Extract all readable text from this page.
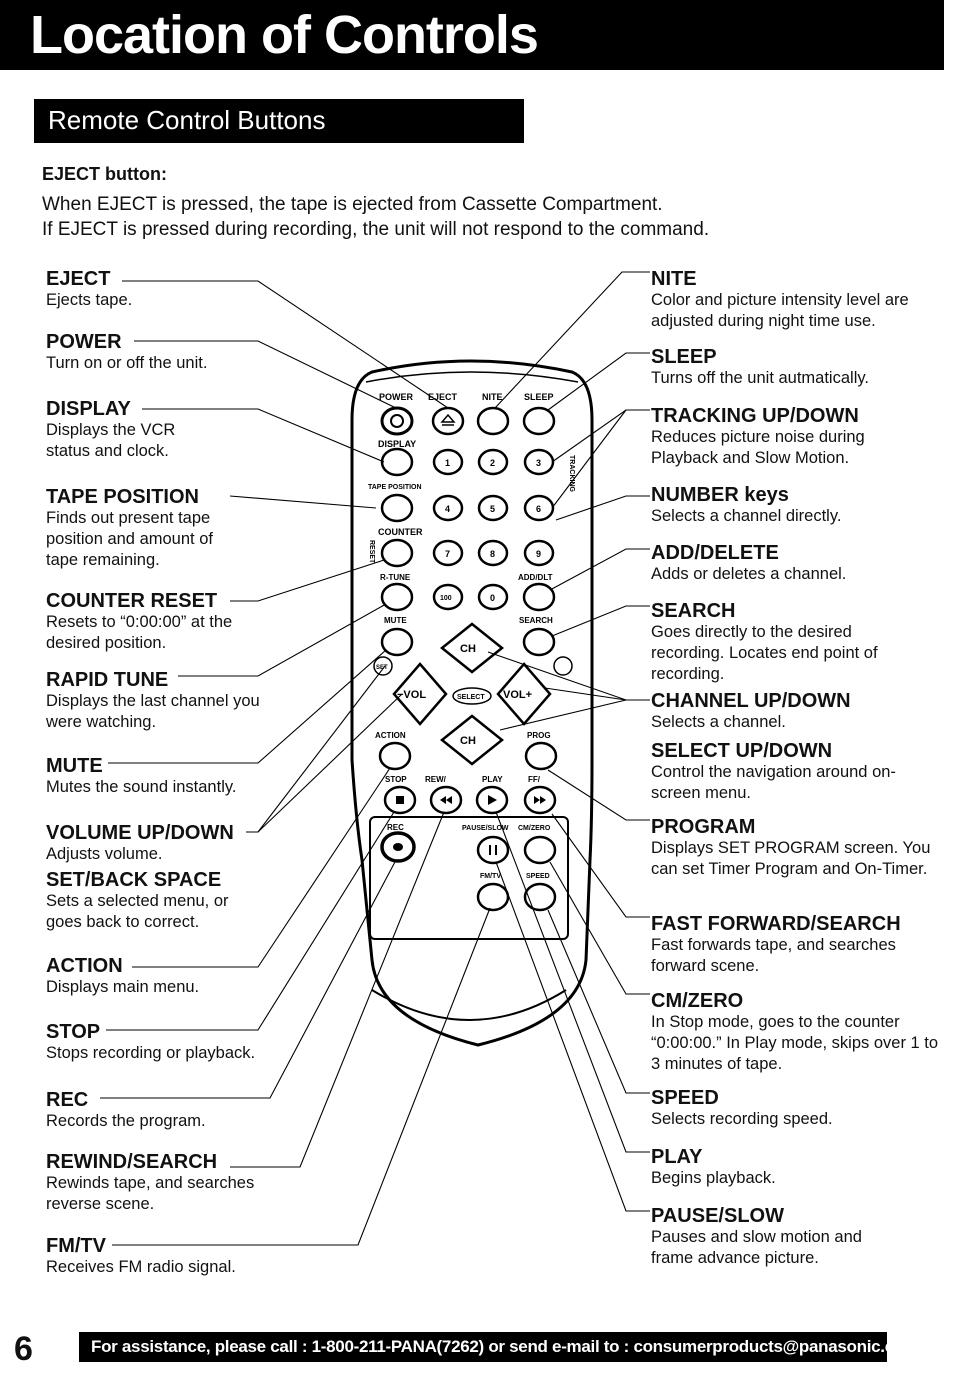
Location of Controls
Remote Control Buttons
EJECT button:
When EJECT is pressed, the tape is ejected from Cassette Compartment.
If EJECT is pressed during recording, the unit will not respond to the command.
POWER EJECT	NITE SLEEP
DISPLAY
1	2	3
TAPE POSITION
4	5	6
TRACKING
COUNTER
RESET	7	8	9
R-TUNE	ADD/DLT
100	0
MUTE	SEARCH
CH
−VOL	SELECT VOL+
CH
SET
ACTION	PROG
STOP REW/	PLAY	FF/
REC	PAUSE/SLOW CM/ZERO
FM/TV	SPEED
EJECT
Ejects tape.
POWER
Turn on or off the unit.
DISPLAY
Displays the VCR status and clock.
TAPE POSITION
Finds out present tape position and amount of tape remaining.
COUNTER RESET
Resets to “0:00:00” at the desired position.
RAPID TUNE
Displays the last channel you were watching.
MUTE
Mutes the sound instantly.
VOLUME UP/DOWN
Adjusts volume.
SET/BACK SPACE
Sets a selected menu, or goes back to correct.
ACTION
Displays main menu.
STOP
Stops recording or playback.
REC
Records the program.
REWIND/SEARCH
Rewinds tape, and searches reverse scene.
FM/TV
Receives FM radio signal.
NITE
Color and picture intensity level are adjusted during night time use.
SLEEP
Turns off the unit autmatically.
TRACKING UP/DOWN
Reduces picture noise during Playback and Slow Motion.
NUMBER keys
Selects a channel directly.
ADD/DELETE
Adds or deletes a channel.
SEARCH
Goes directly to the desired recording. Locates end point of recording.
CHANNEL UP/DOWN
Selects a channel.
SELECT UP/DOWN
Control the navigation around on-screen menu.
PROGRAM
Displays SET PROGRAM screen. You can set Timer Program and On-Timer.
FAST FORWARD/SEARCH
Fast forwards tape, and searches forward scene.
CM/ZERO
In Stop mode, goes to the counter “0:00:00.” In Play mode, skips over 1 to 3 minutes of tape.
SPEED
Selects recording speed.
PLAY
Begins playback.
PAUSE/SLOW
Pauses and slow motion and frame advance picture.
6	For assistance, please call : 1-800-211-PANA(7262) or send e-mail to : consumerproducts@panasonic.com
